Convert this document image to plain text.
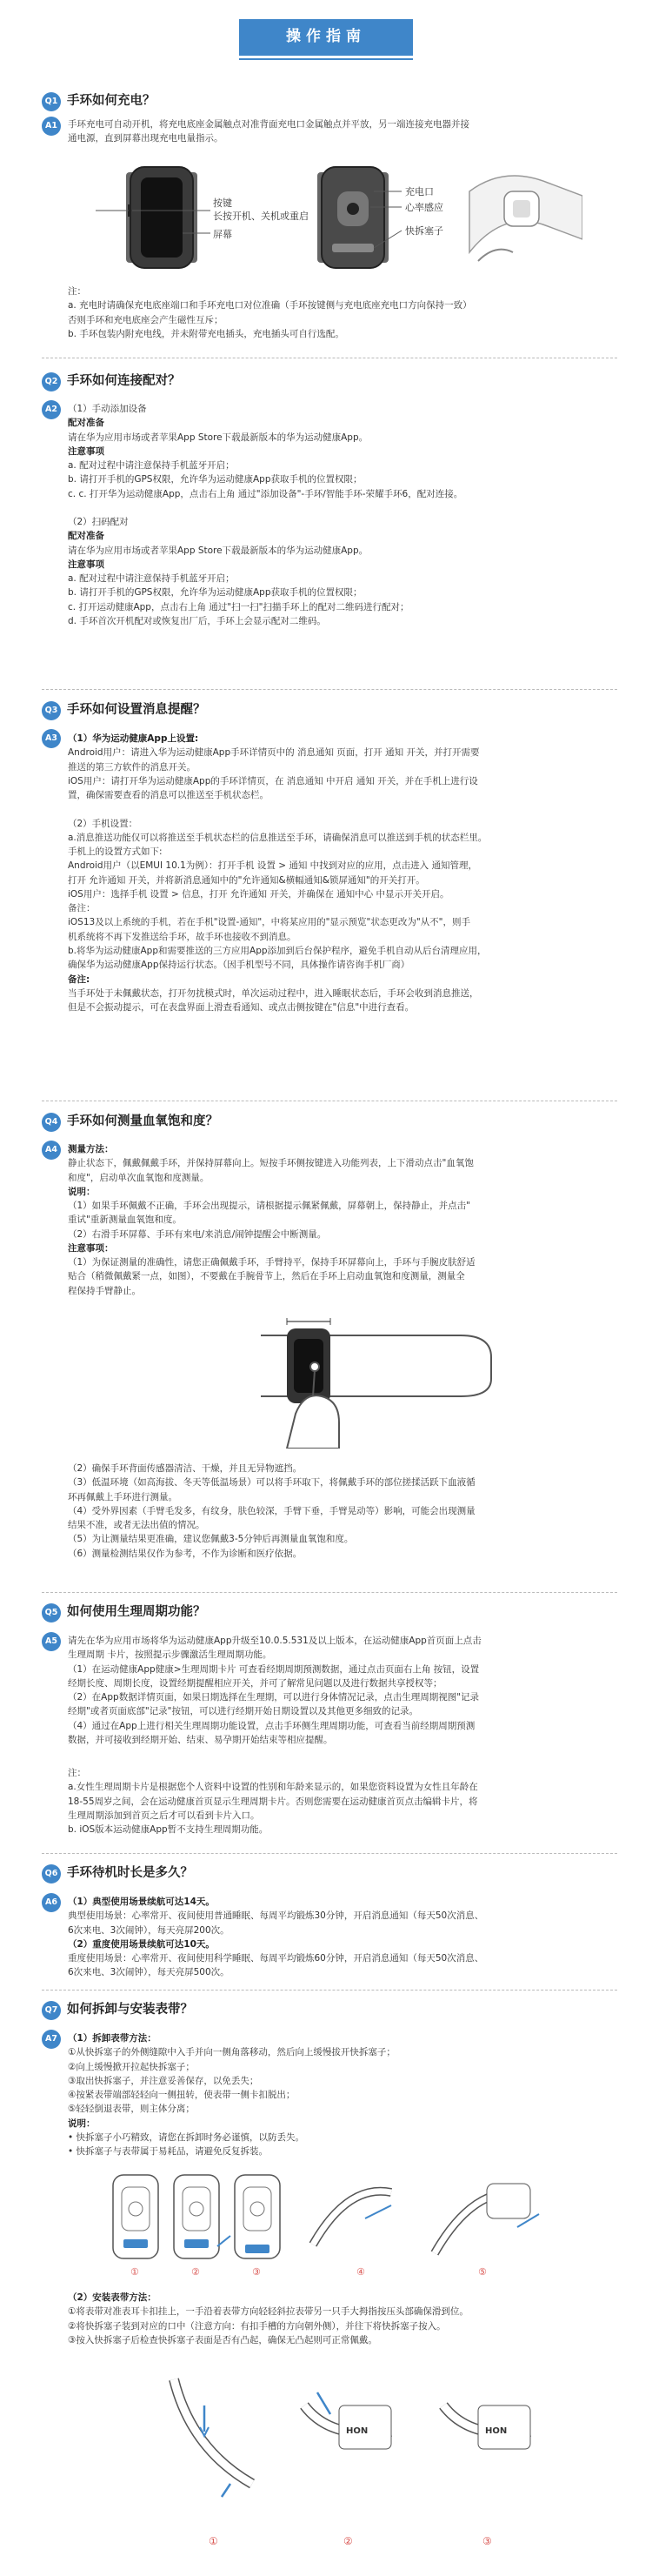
操作指南
Q1 手环如何充电？
A1	手环充电可自动开机，将充电底座金属触点对准背面充电口金属触点并平放，另一端连接充电器并接
通电源，直到屏幕出现充电电量指示。
按键
长按开机、关机或重启
屏幕
充电口
心率感应
快拆塞子
注：
a. 充电时请确保充电底座端口和手环充电口对位准确（手环按键侧与充电底座充电口方向保持一致）
否则手环和充电底座会产生磁性互斥；
b. 手环包装内附充电线，并未附带充电插头，充电插头可自行选配。
Q2 手环如何连接配对？
A2	（1）手动添加设备
配对准备
请在华为应用市场或者苹果App Store下载最新版本的华为运动健康App。
注意事项
a. 配对过程中请注意保持手机蓝牙开启；
b. 请打开手机的GPS权限，允许华为运动健康App获取手机的位置权限；
c. c. 打开华为运动健康App，点击右上角 通过"添加设备"-手环/智能手环-荣耀手环6，配对连接。

（2）扫码配对
配对准备
请在华为应用市场或者苹果App Store下载最新版本的华为运动健康App。
注意事项
a. 配对过程中请注意保持手机蓝牙开启；
b. 请打开手机的GPS权限，允许华为运动健康App获取手机的位置权限；
c. 打开运动健康App，点击右上角 通过"扫一扫"扫描手环上的配对二维码进行配对；
d. 手环首次开机配对或恢复出厂后，手环上会显示配对二维码。
Q3 手环如何设置消息提醒？
A3	（1）华为运动健康App上设置:
Android用户：请进入华为运动健康App手环详情页中的 消息通知 页面，打开 通知 开关，并打开需要
推送的第三方软件的消息开关。
iOS用户：请打开华为运动健康App的手环详情页，在 消息通知 中开启 通知 开关，并在手机上进行设
置，确保需要查看的消息可以推送至手机状态栏。

（2）手机设置：
a.消息推送功能仅可以将推送至手机状态栏的信息推送至手环，请确保消息可以推送到手机的状态栏里。
手机上的设置方式如下:
Android用户（以EMUI 10.1为例）：打开手机 设置 > 通知 中找到对应的应用，点击进入 通知管理，
打开 允许通知 开关，并将新消息通知中的"允许通知&横幅通知&锁屏通知"的开关打开。
iOS用户：选择手机 设置 > 信息，打开 允许通知 开关，并确保在 通知中心 中显示开关开启。
备注：
iOS13及以上系统的手机，若在手机"设置-通知"，中将某应用的"显示预览"状态更改为"从不"，则手
机系统将不再下发推送给手环，故手环也接收不到消息。
b.将华为运动健康App和需要推送的三方应用App添加到后台保护程序，避免手机自动从后台清理应用，
确保华为运动健康App保持运行状态。（因手机型号不同，具体操作请咨询手机厂商）
备注:
当手环处于未佩戴状态，打开勿扰模式时，单次运动过程中，进入睡眠状态后，手环会收到消息推送，
但是不会振动提示，可在表盘界面上滑查看通知、或点击侧按键在"信息"中进行查看。
Q4 手环如何测量血氧饱和度？
A4	测量方法：
静止状态下，佩戴佩戴手环，并保持屏幕向上。短按手环侧按键进入功能列表，上下滑动点击"血氧饱
和度"，启动单次血氧饱和度测量。
说明：
（1）如果手环佩戴不正确，手环会出现提示，请根据提示佩紧佩戴，屏幕朝上，保持静止，并点击"
重试"重新测量血氧饱和度。
（2）右滑手环屏幕、手环有来电/来消息/闹钟提醒会中断测量。
注意事项：
（1）为保证测量的准确性，请您正确佩戴手环，手臂持平，保持手环屏幕向上，手环与手腕皮肤舒适
贴合（稍微佩戴紧一点，如图），不要戴在手腕骨节上，然后在手环上启动血氧饱和度测量，测量全
程保持手臂静止。
（2）确保手环背面传感器清洁、干燥，并且无异物遮挡。
（3）低温环境（如高海拔、冬天等低温场景）可以将手环取下，将佩戴手环的部位搓揉活跃下血液循
环再佩戴上手环进行测量。
（4）受外界因素（手臂毛发多，有纹身，肤色较深，手臂下垂，手臂晃动等）影响，可能会出现测量
结果不准，或者无法出值的情况。
（5）为让测量结果更准确，建议您佩戴3-5分钟后再测量血氧饱和度。
（6）测量检测结果仅作为参考，不作为诊断和医疗依据。
Q5 如何使用生理周期功能？
A5	请先在华为应用市场将华为运动健康App升级至10.0.5.531及以上版本，在运动健康App首页面上点击
生理周期 卡片，按照提示步骤激活生理周期功能。
（1）在运动健康App健康>生理周期卡片 可查看经期周期预测数据，通过点击页面右上角 按钮，设置
经期长度、周期长度，设置经期提醒相应开关，并可了解常见问题以及进行数据共享授权等；
（2）在App数据详情页面，如果日期选择在生理期，可以进行身体情况记录，点击生理周期视图"记录
经期"或者页面底部"记录"按钮，可以进行经期开始日期设置以及其他更多细致的记录。
（4）通过在App上进行相关生理周期功能设置，点击手环侧生理周期功能，可查看当前经期周期预测
数据，并可接收到经期开始、结束、易孕期开始结束等相应提醒。
注：
a.女性生理周期卡片是根据您个人资料中设置的性别和年龄来显示的，如果您资料设置为女性且年龄在
18-55周岁之间，会在运动健康首页显示生理周期卡片。否则您需要在运动健康首页点击编辑卡片，将
生理周期添加到首页之后才可以看到卡片入口。
b. iOS版本运动健康App暂不支持生理周期功能。
Q6 手环待机时长是多久？
A6	（1）典型使用场景续航可达14天。
典型使用场景：心率常开、夜间使用普通睡眠、每周平均锻炼30分钟，开启消息通知（每天50次消息、
6次来电、3次闹钟），每天亮屏200次。
（2）重度使用场景续航可达10天。
重度使用场景：心率常开、夜间使用科学睡眠、每周平均锻炼60分钟，开启消息通知（每天50次消息、
6次来电、3次闹钟），每天亮屏500次。
Q7 如何拆卸与安装表带？
A7	（1）拆卸表带方法：
①从快拆塞子的外侧缝隙中入手并向一侧角落移动，然后向上缓慢拔开快拆塞子；
②向上缓慢掀开拉起快拆塞子；
③取出快拆塞子，并注意妥善保存，以免丢失；
④按紧表带端部轻轻向一侧扭转，使表带一侧卡扣脱出；
⑤轻轻倒退表带，则主体分离；
说明：
• 快拆塞子小巧精致，请您在拆卸时务必谨慎，以防丢失。
• 快拆塞子与表带属于易耗品，请避免反复拆装。
①	②	③	④	⑤
（2）安装表带方法：
①将表带对准表耳卡扣挂上，一手沿着表带方向轻轻斜拉表带另一只手大拇指按压头部确保滑到位。
②将快拆塞子装到对应的口中（注意方向：有扣手槽的方向朝外侧），并往下将快拆塞子按入。
③按入快拆塞子后检查快拆塞子表面是否有凸起，确保无凸起则可正常佩戴。
HON	HON
①	②	③
